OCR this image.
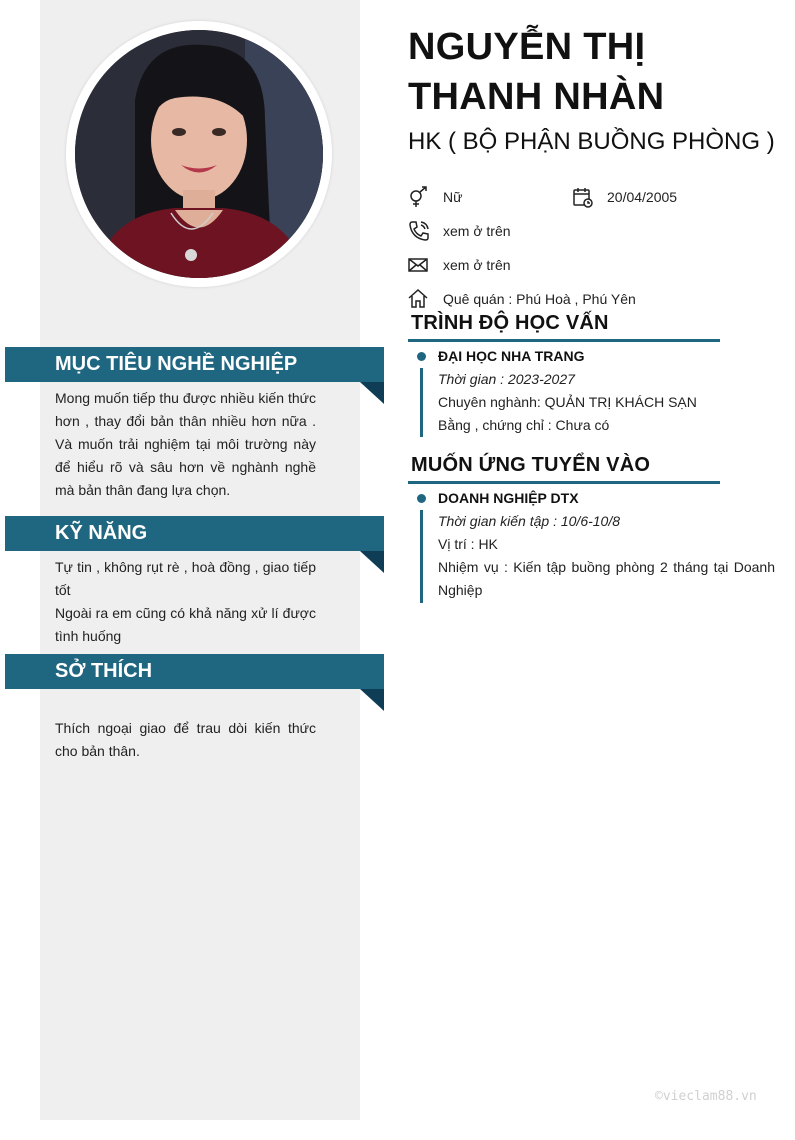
MỤC TIÊU NGHỀ NGHIỆP

Mong muốn tiếp thu được nhiều kiến thức hơn , thay đổi bản thân nhiều hơn nữa . Và muốn trải nghiệm tại môi trường này để hiểu rõ và sâu hơn về nghành nghề mà bản thân đang lựa chọn.

KỸ NĂNG

Tự tin , không rụt rè , hoà đồng , giao tiếp tốt

Ngoài ra em cũng có khả năng xử lí được tình huống

SỞ THÍCH

Thích ngoại giao để trau dòi kiến thức cho bản thân.

NGUYỄN THỊ
THANH NHÀN
HK ( BỘ PHẬN BUỒNG PHÒNG )
Nữ	20/04/2005
xem ở trên
xem ở trên
Quê quán : Phú Hoà , Phú Yên
TRÌNH ĐỘ HỌC VẤN
ĐẠI HỌC NHA TRANG
Thời gian : 2023-2027
Chuyên nghành: QUẢN TRỊ KHÁCH SẠN
Bằng , chứng chỉ : Chưa có
MUỐN ỨNG TUYỂN VÀO
DOANH NGHIỆP DTX
Thời gian kiến tập : 10/6-10/8
Vị trí : HK
Nhiệm vụ : Kiến tập buồng phòng 2 tháng tại Doanh Nghiệp
©vieclam88.vn
